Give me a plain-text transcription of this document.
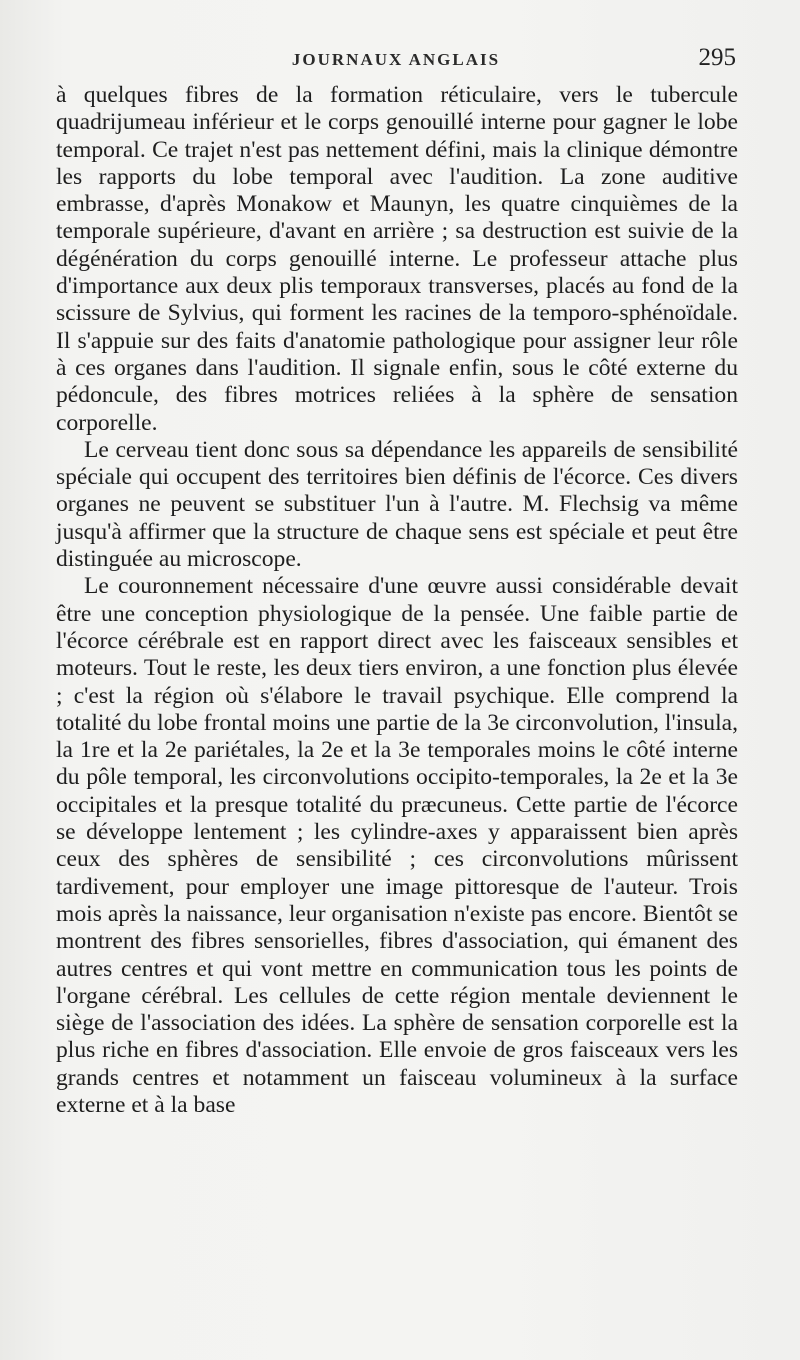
JOURNAUX ANGLAIS	295

à quelques fibres de la formation réticulaire, vers le tubercule quadrijumeau inférieur et le corps genouillé interne pour gagner le lobe temporal. Ce trajet n'est pas nettement défini, mais la clinique démontre les rapports du lobe temporal avec l'audition. La zone auditive embrasse, d'après Monakow et Maunyn, les quatre cinquièmes de la temporale supérieure, d'avant en arrière ; sa destruction est suivie de la dégénération du corps genouillé interne. Le professeur attache plus d'importance aux deux plis temporaux transverses, placés au fond de la scissure de Sylvius, qui forment les racines de la temporo-sphénoïdale. Il s'appuie sur des faits d'anatomie pathologique pour assigner leur rôle à ces organes dans l'audition. Il signale enfin, sous le côté externe du pédoncule, des fibres motrices reliées à la sphère de sensation corporelle.

Le cerveau tient donc sous sa dépendance les appareils de sensibilité spéciale qui occupent des territoires bien définis de l'écorce. Ces divers organes ne peuvent se substituer l'un à l'autre. M. Flechsig va même jusqu'à affirmer que la structure de chaque sens est spéciale et peut être distinguée au microscope.

Le couronnement nécessaire d'une œuvre aussi considérable devait être une conception physiologique de la pensée. Une faible partie de l'écorce cérébrale est en rapport direct avec les faisceaux sensibles et moteurs. Tout le reste, les deux tiers environ, a une fonction plus élevée ; c'est la région où s'élabore le travail psychique. Elle comprend la totalité du lobe frontal moins une partie de la 3e circonvolution, l'insula, la 1re et la 2e pariétales, la 2e et la 3e temporales moins le côté interne du pôle temporal, les circonvolutions occipito-temporales, la 2e et la 3e occipitales et la presque totalité du præcuneus. Cette partie de l'écorce se développe lentement ; les cylindre-axes y apparaissent bien après ceux des sphères de sensibilité ; ces circonvolutions mûrissent tardivement, pour employer une image pittoresque de l'auteur. Trois mois après la naissance, leur organisation n'existe pas encore. Bientôt se montrent des fibres sensorielles, fibres d'association, qui émanent des autres centres et qui vont mettre en communication tous les points de l'organe cérébral. Les cellules de cette région mentale deviennent le siège de l'association des idées. La sphère de sensation corporelle est la plus riche en fibres d'association. Elle envoie de gros faisceaux vers les grands centres et notamment un faisceau volumineux à la surface externe et à la base
